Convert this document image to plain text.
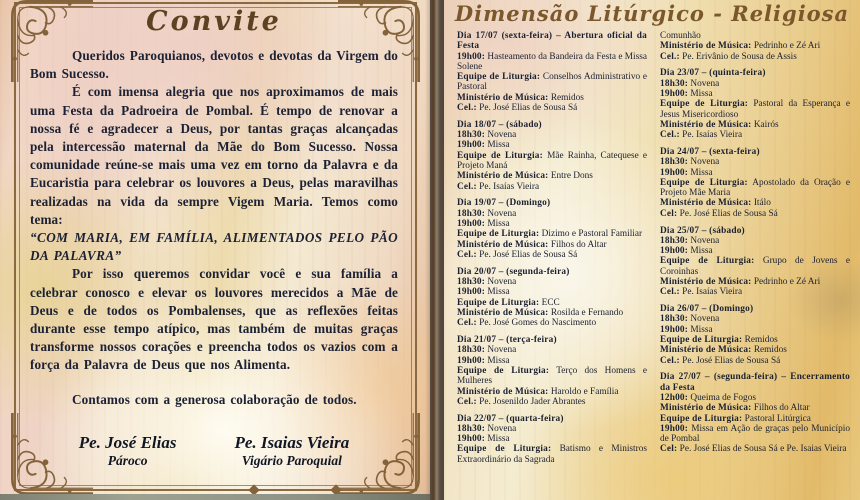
Convite

Queridos Paroquianos, devotos e devotas da Virgem do Bom Sucesso.

É com imensa alegria que nos aproximamos de mais uma Festa da Padroeira de Pombal. É tempo de renovar a nossa fé e agradecer a Deus, por tantas graças alcançadas pela intercessão maternal da Mãe do Bom Sucesso. Nossa comunidade reúne-se mais uma vez em torno da Palavra e da Eucaristia para celebrar os louvores a Deus, pelas maravilhas realizadas na vida da sempre Vigem Maria. Temos como tema:

“COM MARIA, EM FAMÍLIA, ALIMENTADOS PELO PÃO DA PALAVRA”

Por isso queremos convidar você e sua família a celebrar conosco e elevar os louvores merecidos a Mãe de Deus e de todos os Pombalenses, que as reflexões feitas durante esse tempo atípico, mas também de muitas graças transforme nossos corações e preencha todos os vazios com a força da Palavra de Deus que nos Alimenta.

Contamos com a generosa colaboração de todos.

Pe. José Elias
Pároco
Pe. Isaias Vieira
Vigário Paroquial
Dimensão Litúrgico - Religiosa
Dia 17/07 (sexta-feira) – Abertura oficial da Festa
19h00: Hasteamento da Bandeira da Festa e Missa Solene
Equipe de Liturgia: Conselhos Administrativo e Pastoral
Ministério de Música: Remidos
Cel.: Pe. José Elias de Sousa Sá
Dia 18/07 – (sábado)
18h30: Novena
19h00: Missa
Equipe de Liturgia: Mãe Rainha, Catequese e Projeto Maná
Ministério de Música: Entre Dons
Cel.: Pe. Isaías Vieira
Dia 19/07 – (Domingo)
18h30: Novena
19h00: Missa
Equipe de Liturgia: Dizimo e Pastoral Familiar
Ministério de Música: Filhos do Altar
Cel.: Pe. José Elias de Sousa Sá
Dia 20/07 – (segunda-feira)
18h30: Novena
19h00: Missa
Equipe de Liturgia: ECC
Ministério de Música: Rosilda e Fernando
Cel.: Pe. José Gomes do Nascimento
Dia 21/07 – (terça-feira)
18h30: Novena
19h00: Missa
Equipe de Liturgia: Terço dos Homens e Mulheres
Ministério de Música: Haroldo e Família
Cel.: Pe. Josenildo Jader Abrantes
Dia 22/07 – (quarta-feira)
18h30: Novena
19h00: Missa
Equipe de Liturgia: Batismo e Ministros Extraordinário da Sagrada
Comunhão
Ministério de Música: Pedrinho e Zé Ari
Cel.: Pe. Erivânio de Sousa de Assis
Dia 23/07 – (quinta-feira)
18h30: Novena
19h00: Missa
Equipe de Liturgia: Pastoral da Esperança e Jesus Misericordioso
Ministério de Música: Kairós
Cel.: Pe. Isaías Vieira
Dia 24/07 – (sexta-feira)
18h30: Novena
19h00: Missa
Equipe de Liturgia: Apostolado da Oração e Projeto Mãe Maria
Ministério de Música: Itálo
Cel: Pe. José Elias de Sousa Sá
Dia 25/07 – (sábado)
18h30: Novena
19h00: Missa
Equipe de Liturgia: Grupo de Jovens e Coroinhas
Ministério de Música: Pedrinho e Zé Ari
Cel.: Pe. Isaías Vieira
Dia 26/07 – (Domingo)
18h30: Novena
19h00: Missa
Equipe de Liturgia: Remidos
Ministério de Música: Remidos
Cel.: Pe. José Elias de Sousa Sá
Dia 27/07 – (segunda-feira) – Encerramento da Festa
12h00: Queima de Fogos
Ministério de Música: Filhos do Altar
Equipe de Liturgia: Pastoral Litúrgica
19h00: Missa em Ação de graças pelo Município de Pombal
Cel: Pe. José Elias de Sousa Sá e Pe. Isaias Vieira
